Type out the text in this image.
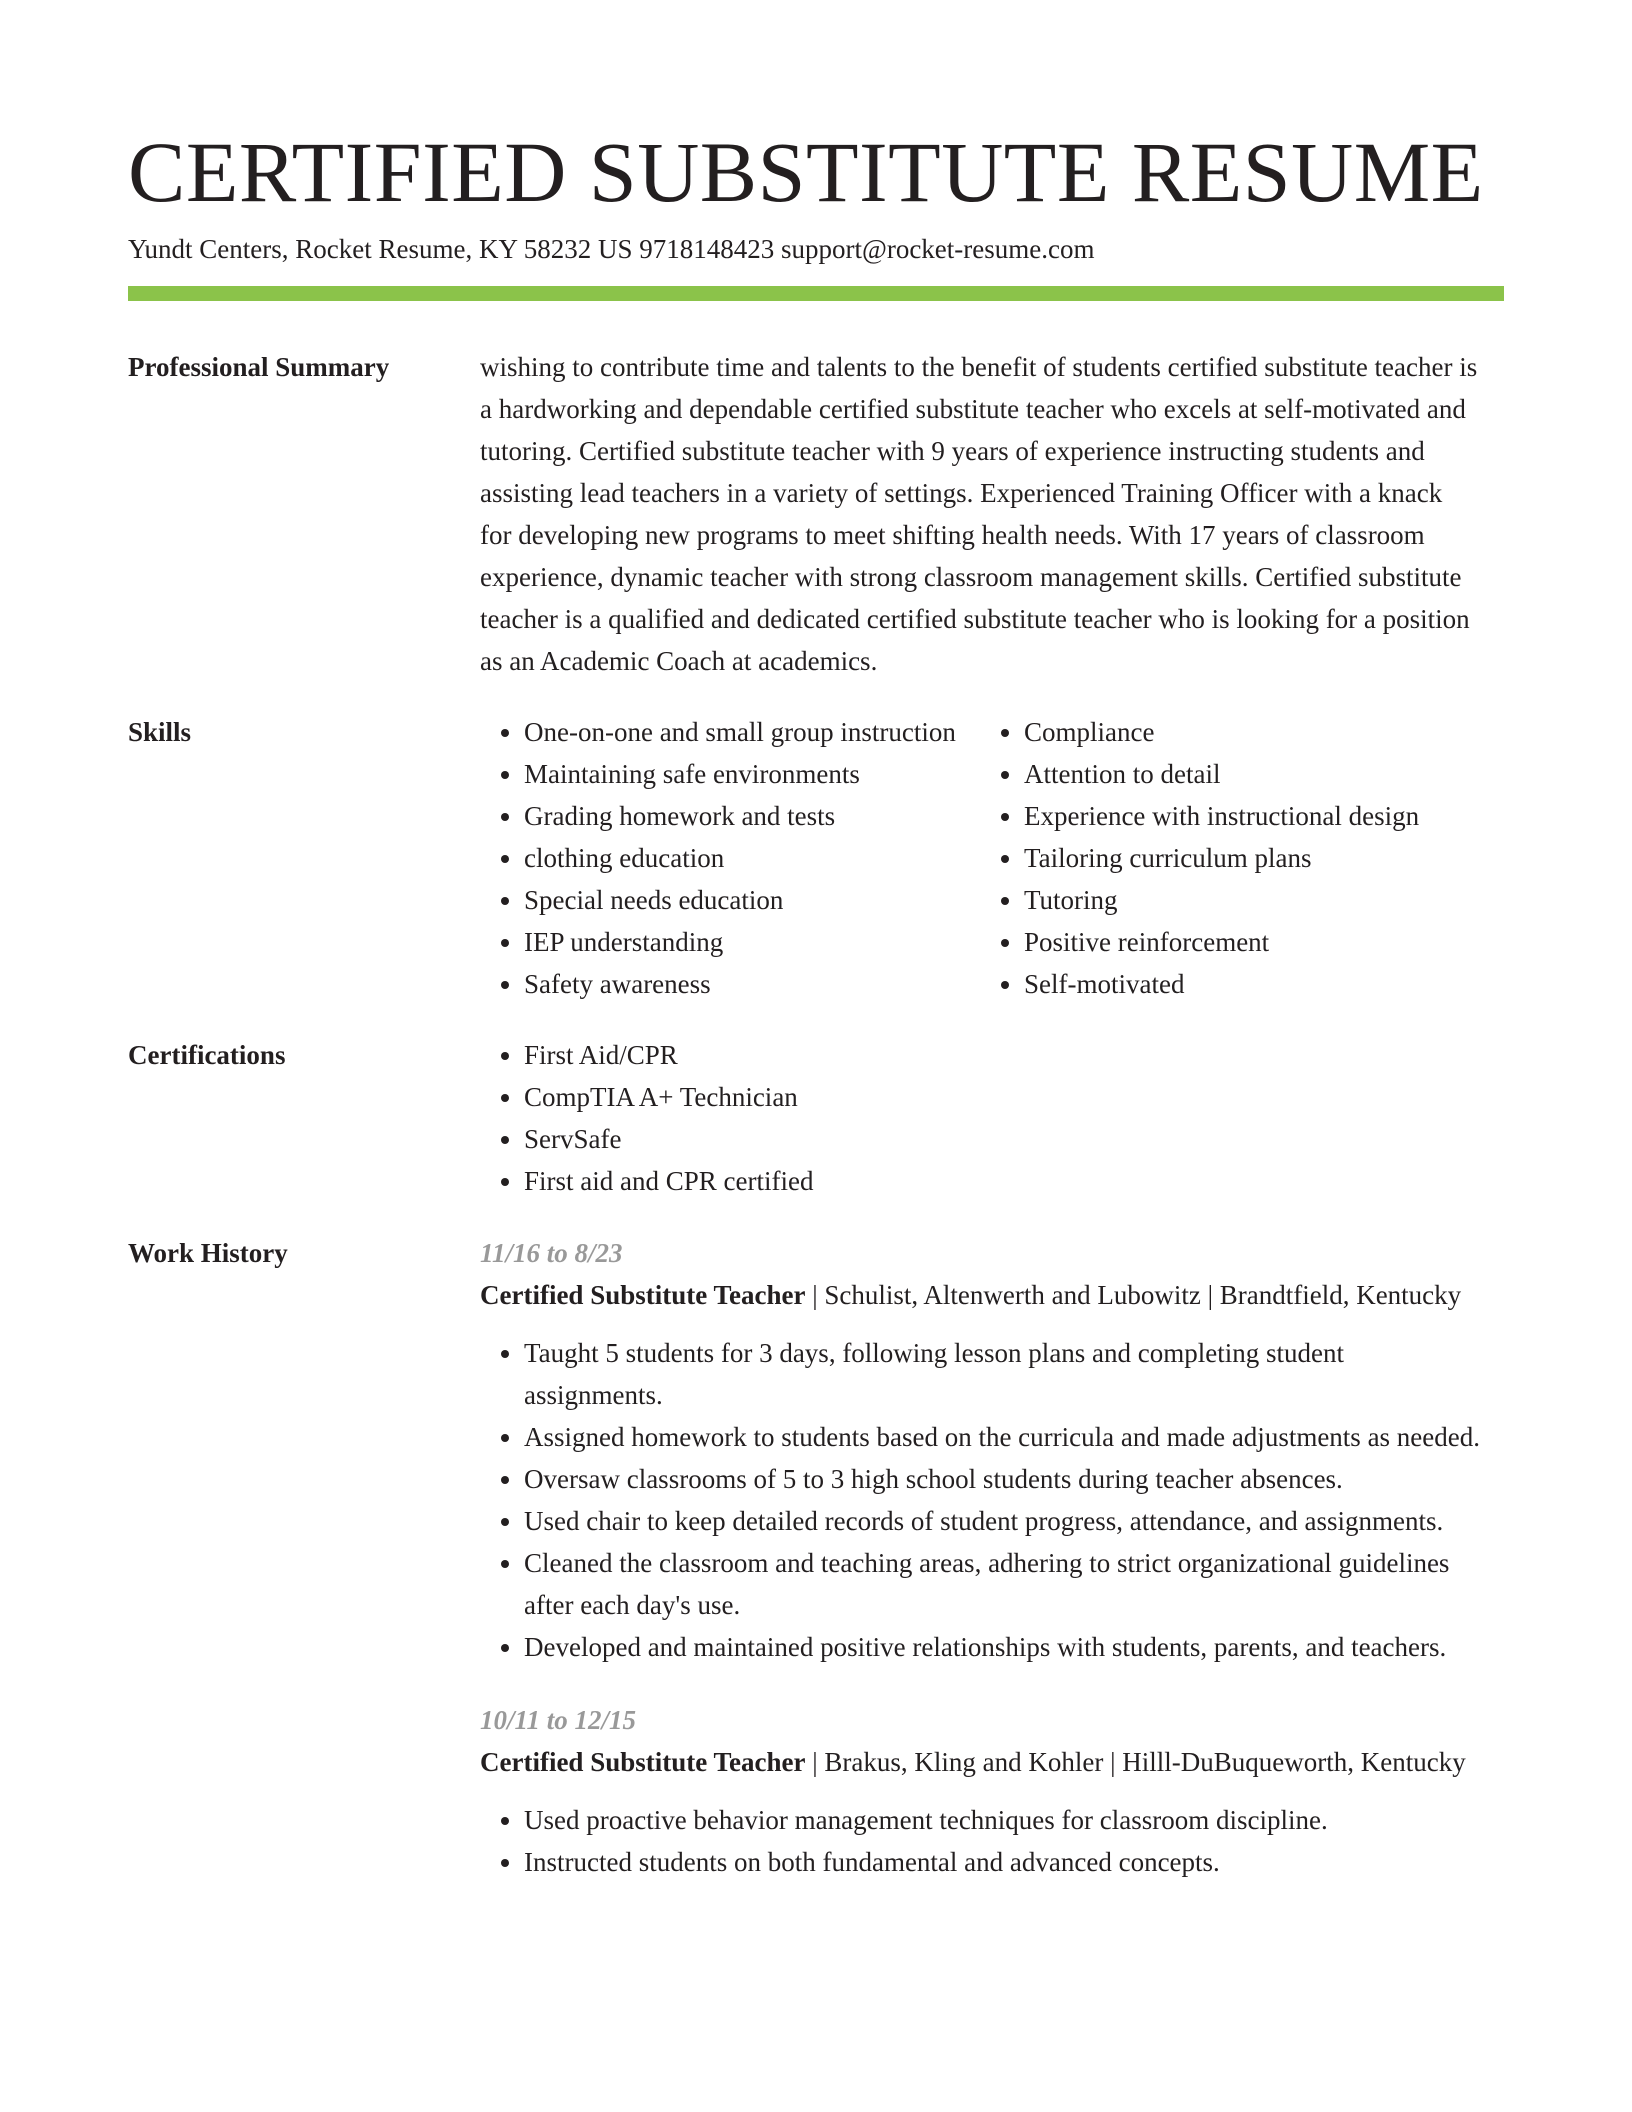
CERTIFIED SUBSTITUTE RESUME
Yundt Centers, Rocket Resume, KY 58232 US 9718148423 support@rocket-resume.com
Professional Summary	wishing to contribute time and talents to the benefit of students certified substitute teacher is a hardworking and dependable certified substitute teacher who excels at self-motivated and tutoring. Certified substitute teacher with 9 years of experience instructing students and assisting lead teachers in a variety of settings. Experienced Training Officer with a knack for developing new programs to meet shifting health needs. With 17 years of classroom experience, dynamic teacher with strong classroom management skills. Certified substitute teacher is a qualified and dedicated certified substitute teacher who is looking for a position as an Academic Coach at academics.

Skills	• One-on-one and small group instruction
• Maintaining safe environments
• Grading homework and tests
• clothing education
• Special needs education
• IEP understanding
• Safety awareness
• Compliance
• Attention to detail
• Experience with instructional design
• Tailoring curriculum plans
• Tutoring
• Positive reinforcement
• Self-motivated
Certifications	• First Aid/CPR
• CompTIA A+ Technician
• ServSafe
• First aid and CPR certified
Work History	11/16 to 8/23
Certified Substitute Teacher | Schulist, Altenwerth and Lubowitz | Brandtfield, Kentucky
• Taught 5 students for 3 days, following lesson plans and completing student assignments.
• Assigned homework to students based on the curricula and made adjustments as needed.
• Oversaw classrooms of 5 to 3 high school students during teacher absences.
• Used chair to keep detailed records of student progress, attendance, and assignments.
• Cleaned the classroom and teaching areas, adhering to strict organizational guidelines after each day's use.
• Developed and maintained positive relationships with students, parents, and teachers.
10/11 to 12/15
Certified Substitute Teacher | Brakus, Kling and Kohler | Hilll-DuBuqueworth, Kentucky
• Used proactive behavior management techniques for classroom discipline.
• Instructed students on both fundamental and advanced concepts.
